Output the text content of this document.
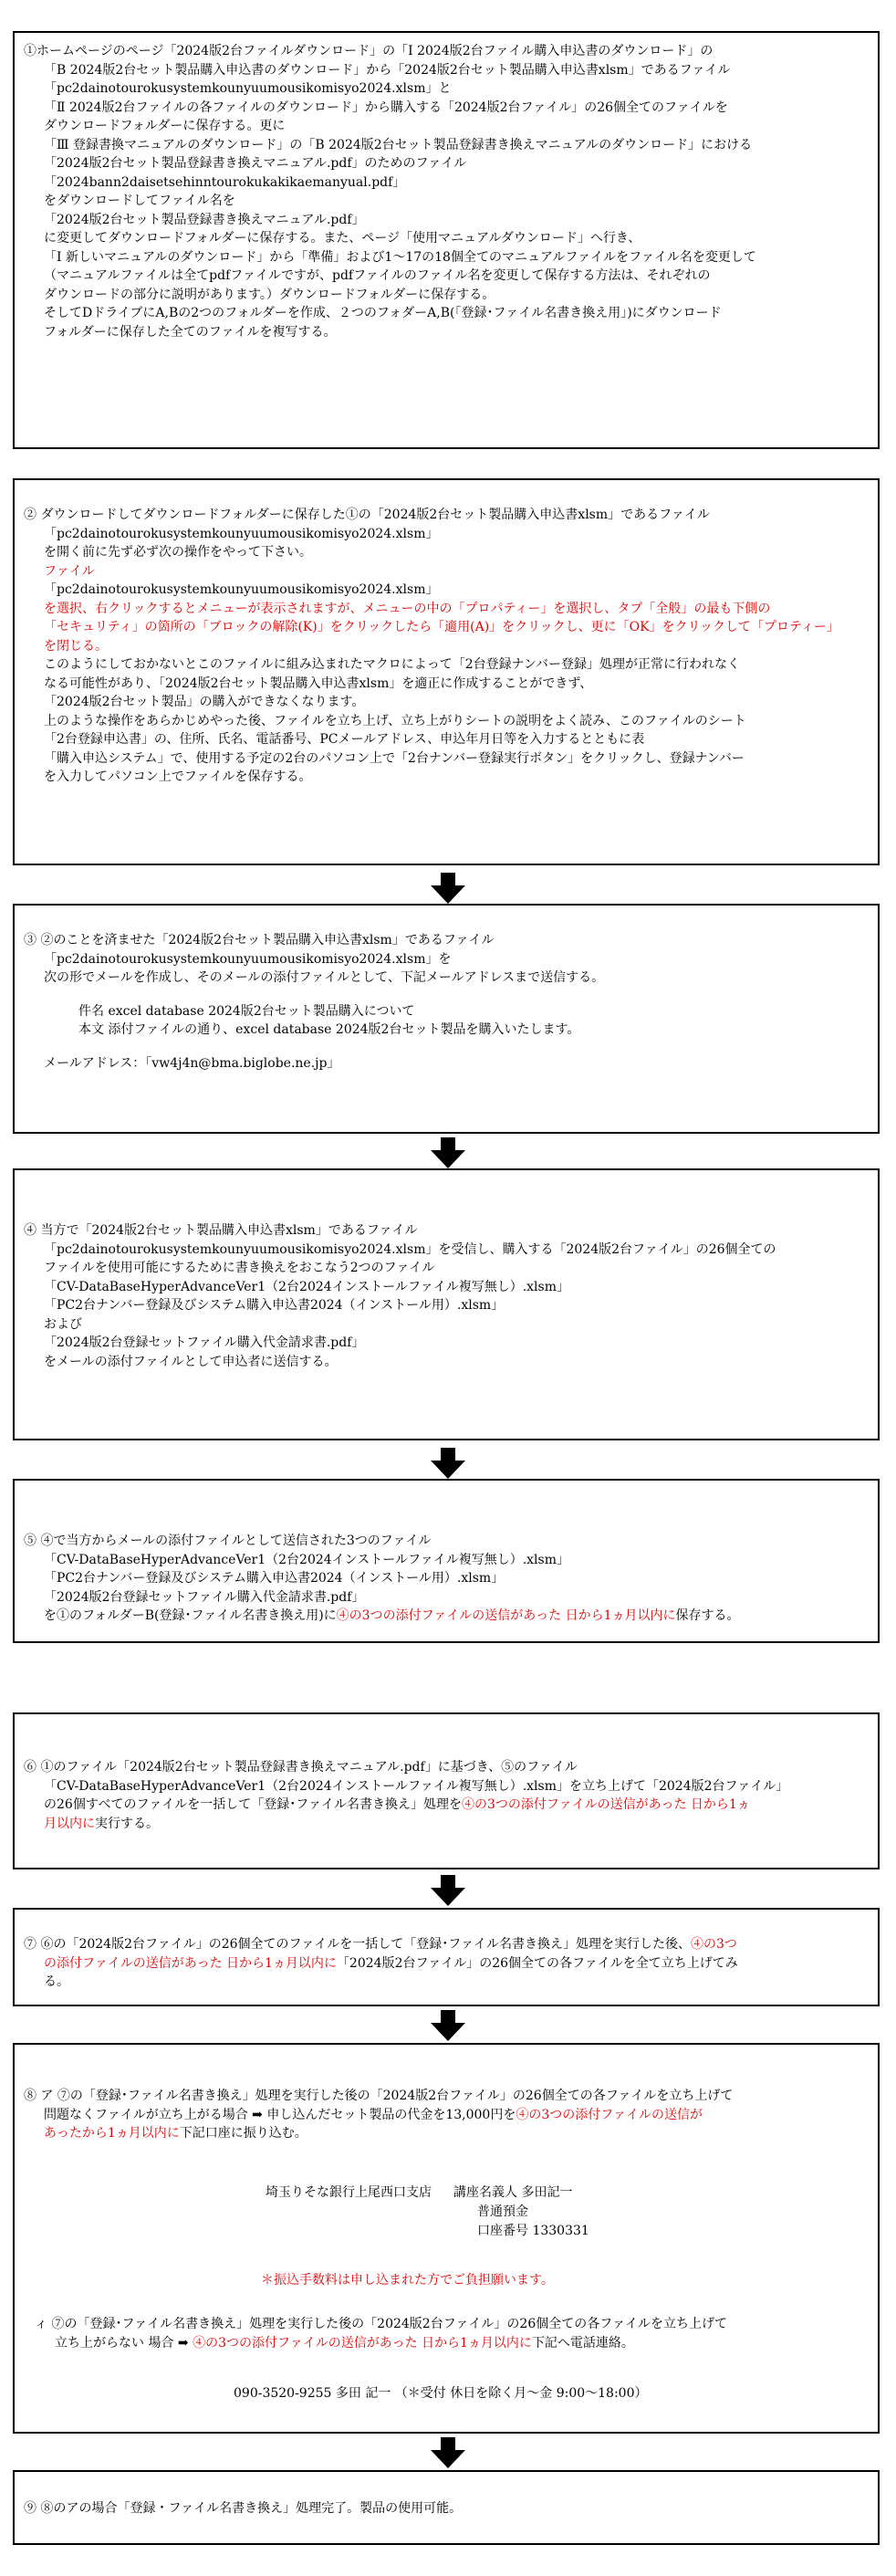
①ホームページのページ「2024版2台ファイルダウンロード」の「Ⅰ 2024版2台ファイル購入申込書のダウンロード」の
「B 2024版2台セット製品購入申込書のダウンロード」から「2024版2台セット製品購入申込書xlsm」であるファイル
「pc2dainotourokusystemkounyuumousikomisyo2024.xlsm」と
「Ⅱ 2024版2台ファイルの各ファイルのダウンロード」から購入する「2024版2台ファイル」の26個全てのファイルを
ダウンロードフォルダーに保存する。更に
「Ⅲ 登録書換マニュアルのダウンロード」の「B 2024版2台セット製品登録書き換えマニュアルのダウンロード」における
「2024版2台セット製品登録書き換えマニュアル.pdf」のためのファイル
「2024bann2daisetsehinntourokukakikaemanyual.pdf」
をダウンロードしてファイル名を
「2024版2台セット製品登録書き換えマニュアル.pdf」
に変更してダウンロードフォルダーに保存する。また、ページ「使用マニュアルダウンロード」へ行き、
「Ⅰ 新しいマニュアルのダウンロード」から「準備」および1～17の18個全てのマニュアルファイルをファイル名を変更して
（マニュアルファイルは全てpdfファイルですが、pdfファイルのファイル名を変更して保存する方法は、それぞれの
ダウンロードの部分に説明があります。）ダウンロードフォルダーに保存する。
そしてDドライブにA,Bの2つのフォルダーを作成、２つのフォダーA,B(「登録･ファイル名書き換え用」)にダウンロード
フォルダーに保存した全てのファイルを複写する。
② ダウンロードしてダウンロードフォルダーに保存した①の「2024版2台セット製品購入申込書xlsm」であるファイル
「pc2dainotourokusystemkounyuumousikomisyo2024.xlsm」
を開く前に先ず必ず次の操作をやって下さい。
ファイル
「pc2dainotourokusystemkounyuumousikomisyo2024.xlsm」
を選択、右クリックするとメニューが表示されますが、メニューの中の「プロパティー」を選択し、タブ「全般」の最も下側の
「セキュリティ」の箇所の「ブロックの解除(K)」をクリックしたら「適用(A)」をクリックし、更に「OK」をクリックして「プロティー」
を閉じる。
このようにしておかないとこのファイルに組み込まれたマクロによって「2台登録ナンバー登録」処理が正常に行われなく
なる可能性があり、「2024版2台セット製品購入申込書xlsm」を適正に作成することができず、
「2024版2台セット製品」の購入ができなくなります。
上のような操作をあらかじめやった後、ファイルを立ち上げ、立ち上がりシートの説明をよく読み、このファイルのシート
「2台登録申込書」の、住所、氏名、電話番号、PCメールアドレス、申込年月日等を入力するとともに表
「購入申込システム」で、使用する予定の2台のパソコン上で「2台ナンバー登録実行ボタン」をクリックし、登録ナンバー
を入力してパソコン上でファイルを保存する。
③ ②のことを済ませた「2024版2台セット製品購入申込書xlsm」であるファイル
「pc2dainotourokusystemkounyuumousikomisyo2024.xlsm」を
次の形でメールを作成し、そのメールの添付ファイルとして、下記メールアドレスまで送信する。
件名 excel database 2024版2台セット製品購入について
本文 添付ファイルの通り、excel database 2024版2台セット製品を購入いたします。
メールアドレス：「vw4j4n@bma.biglobe.ne.jp」
④ 当方で「2024版2台セット製品購入申込書xlsm」であるファイル
「pc2dainotourokusystemkounyuumousikomisyo2024.xlsm」を受信し、購入する「2024版2台ファイル」の26個全ての
ファイルを使用可能にするために書き換えをおこなう2つのファイル
「CV-DataBaseHyperAdvanceVer1（2台2024インストールファイル複写無し）.xlsm」
「PC2台ナンバー登録及びシステム購入申込書2024（インストール用）.xlsm」
および
「2024版2台登録セットファイル購入代金請求書.pdf」
をメールの添付ファイルとして申込者に送信する。
⑤ ④で当方からメールの添付ファイルとして送信された3つのファイル
「CV-DataBaseHyperAdvanceVer1（2台2024インストールファイル複写無し）.xlsm」
「PC2台ナンバー登録及びシステム購入申込書2024（インストール用）.xlsm」
「2024版2台登録セットファイル購入代金請求書.pdf」
を①のフォルダーB(登録･ファイル名書き換え用)に④の3つの添付ファイルの送信があった 日から1ヵ月以内に保存する。
⑥ ①のファイル「2024版2台セット製品登録書き換えマニュアル.pdf」に基づき、⑤のファイル
「CV-DataBaseHyperAdvanceVer1（2台2024インストールファイル複写無し）.xlsm」を立ち上げて「2024版2台ファイル」
の26個すべてのファイルを一括して「登録･ファイル名書き換え」処理を④の3つの添付ファイルの送信があった 日から1ヵ
月以内に実行する。
⑦ ⑥の「2024版2台ファイル」の26個全てのファイルを一括して「登録･ファイル名書き換え」処理を実行した後、④の3つ
の添付ファイルの送信があった 日から1ヵ月以内に「2024版2台ファイル」の26個全ての各ファイルを全て立ち上げてみ
る。
⑧ ア ⑦の「登録･ファイル名書き換え」処理を実行した後の「2024版2台ファイル」の26個全ての各ファイルを立ち上げて
問題なくファイルが立ち上がる場合 ➡ 申し込んだセット製品の代金を13,000円を④の3つの添付ファイルの送信が
あったから1ヵ月以内に下記口座に振り込む。
埼玉りそな銀行上尾西口支店 講座名義人 多田記一
普通預金
口座番号 1330331
＊振込手数料は申し込まれた方でご負担願います。
ィ ⑦の「登録･ファイル名書き換え」処理を実行した後の「2024版2台ファイル」の26個全ての各ファイルを立ち上げて
立ち上がらない 場合 ➡ ④の3つの添付ファイルの送信があった 日から1ヵ月以内に下記へ電話連絡。
090-3520-9255 多田 記一 （＊受付 休日を除く月～金 9:00～18:00）
⑨ ⑧のアの場合「登録・ファイル名書き換え」処理完了。製品の使用可能。
